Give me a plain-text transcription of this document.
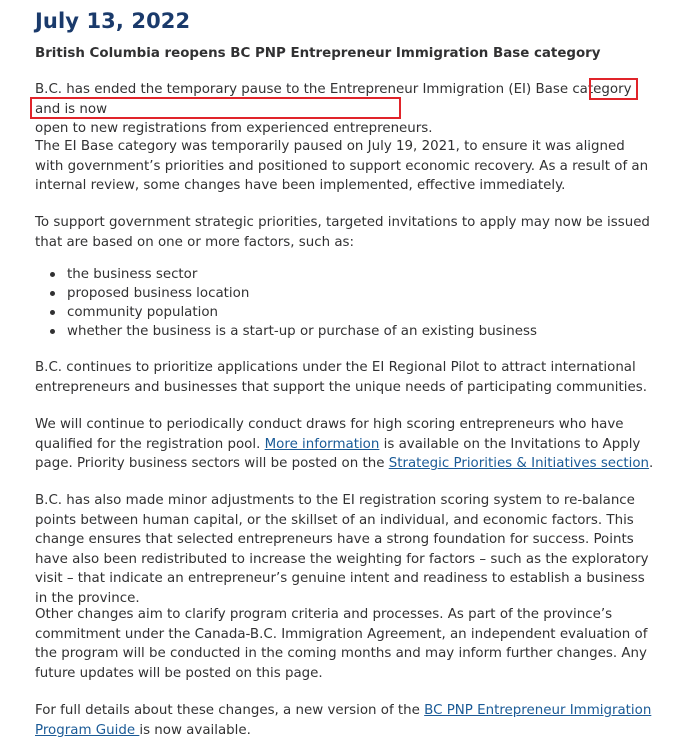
July 13, 2022
British Columbia reopens BC PNP Entrepreneur Immigration Base category

B.C. has ended the temporary pause to the Entrepreneur Immigration (EI) Base category and is now
open to new registrations from experienced entrepreneurs.

The EI Base category was temporarily paused on July 19, 2021, to ensure it was aligned with government’s priorities and positioned to support economic recovery. As a result of an internal review, some changes have been implemented, effective immediately.

To support government strategic priorities, targeted invitations to apply may now be issued that are based on one or more factors, such as:

the business sector
proposed business location
community population
whether the business is a start-up or purchase of an existing business

B.C. continues to prioritize applications under the EI Regional Pilot to attract international entrepreneurs and businesses that support the unique needs of participating communities.

We will continue to periodically conduct draws for high scoring entrepreneurs who have qualified for the registration pool. More information is available on the Invitations to Apply page. Priority business sectors will be posted on the Strategic Priorities & Initiatives section.

B.C. has also made minor adjustments to the EI registration scoring system to re-balance points between human capital, or the skillset of an individual, and economic factors. This change ensures that selected entrepreneurs have a strong foundation for success. Points have also been redistributed to increase the weighting for factors – such as the exploratory visit – that indicate an entrepreneur’s genuine intent and readiness to establish a business in the province.

Other changes aim to clarify program criteria and processes. As part of the province’s commitment under the Canada-B.C. Immigration Agreement, an independent evaluation of the program will be conducted in the coming months and may inform further changes. Any future updates will be posted on this page.

For full details about these changes, a new version of the BC PNP Entrepreneur Immigration Program Guide is now available.
